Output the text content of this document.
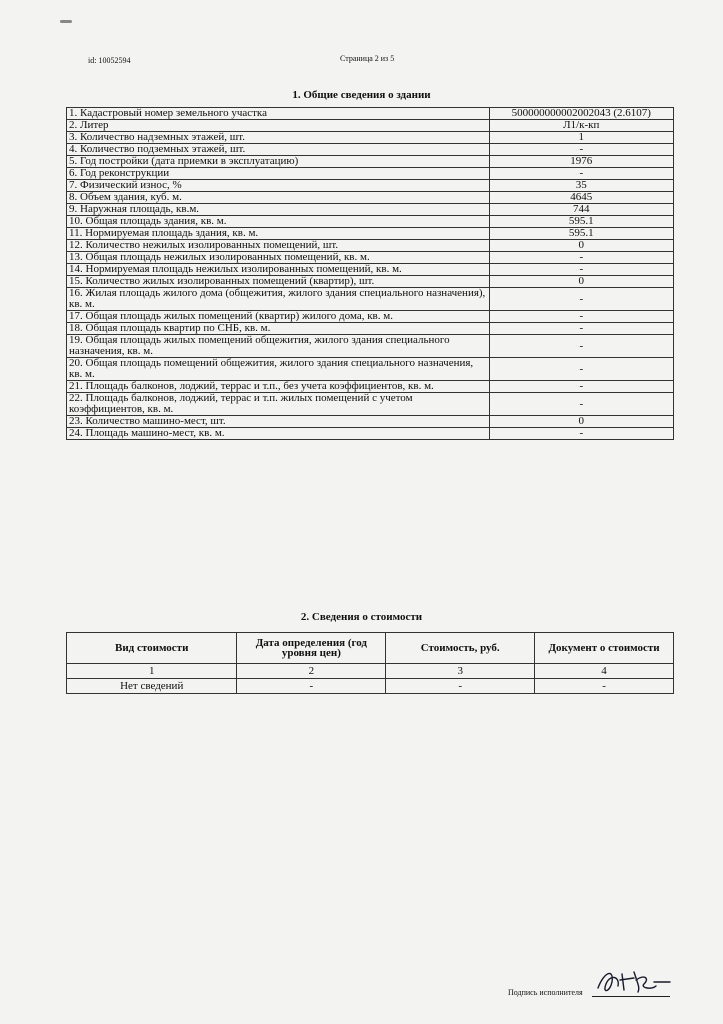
id: 10052594	Страница 2 из 5
1. Общие сведения о здании
1. Кадастровый номер земельного участка	500000000002002043 (2.6107)
2. Литер	Л1/к-кп
3. Количество надземных этажей, шт.	1
4. Количество подземных этажей, шт.	-
5. Год постройки (дата приемки в эксплуатацию)	1976
6. Год реконструкции	-
7. Физический износ, %	35
8. Объем здания, куб. м.	4645
9. Наружная площадь, кв.м.	744
10. Общая площадь здания, кв. м.	595.1
11. Нормируемая площадь здания, кв. м.	595.1
12. Количество нежилых изолированных помещений, шт.	0
13. Общая площадь нежилых изолированных помещений, кв. м.	-
14. Нормируемая площадь нежилых изолированных помещений, кв. м.	-
15. Количество жилых изолированных помещений (квартир), шт.	0
16. Жилая площадь жилого дома (общежития, жилого здания специального назначения), кв. м.	-
17. Общая площадь жилых помещений (квартир) жилого дома, кв. м.	-
18. Общая площадь квартир по СНБ, кв. м.	-
19. Общая площадь жилых помещений общежития, жилого здания специального назначения, кв. м.	-
20. Общая площадь помещений общежития, жилого здания специального назначения, кв. м.	-
21. Площадь балконов, лоджий, террас и т.п., без учета коэффициентов, кв. м.	-
22. Площадь балконов, лоджий, террас и т.п. жилых помещений с учетом коэффициентов, кв. м.	-
23. Количество машино-мест, шт.	0
24. Площадь машино-мест, кв. м.	-
2. Сведения о стоимости
Вид стоимости	Дата определения (год уровня цен)	Стоимость, руб.	Документ о стоимости
1	2	3	4
Нет сведений	-	-	-
Подпись исполнителя
